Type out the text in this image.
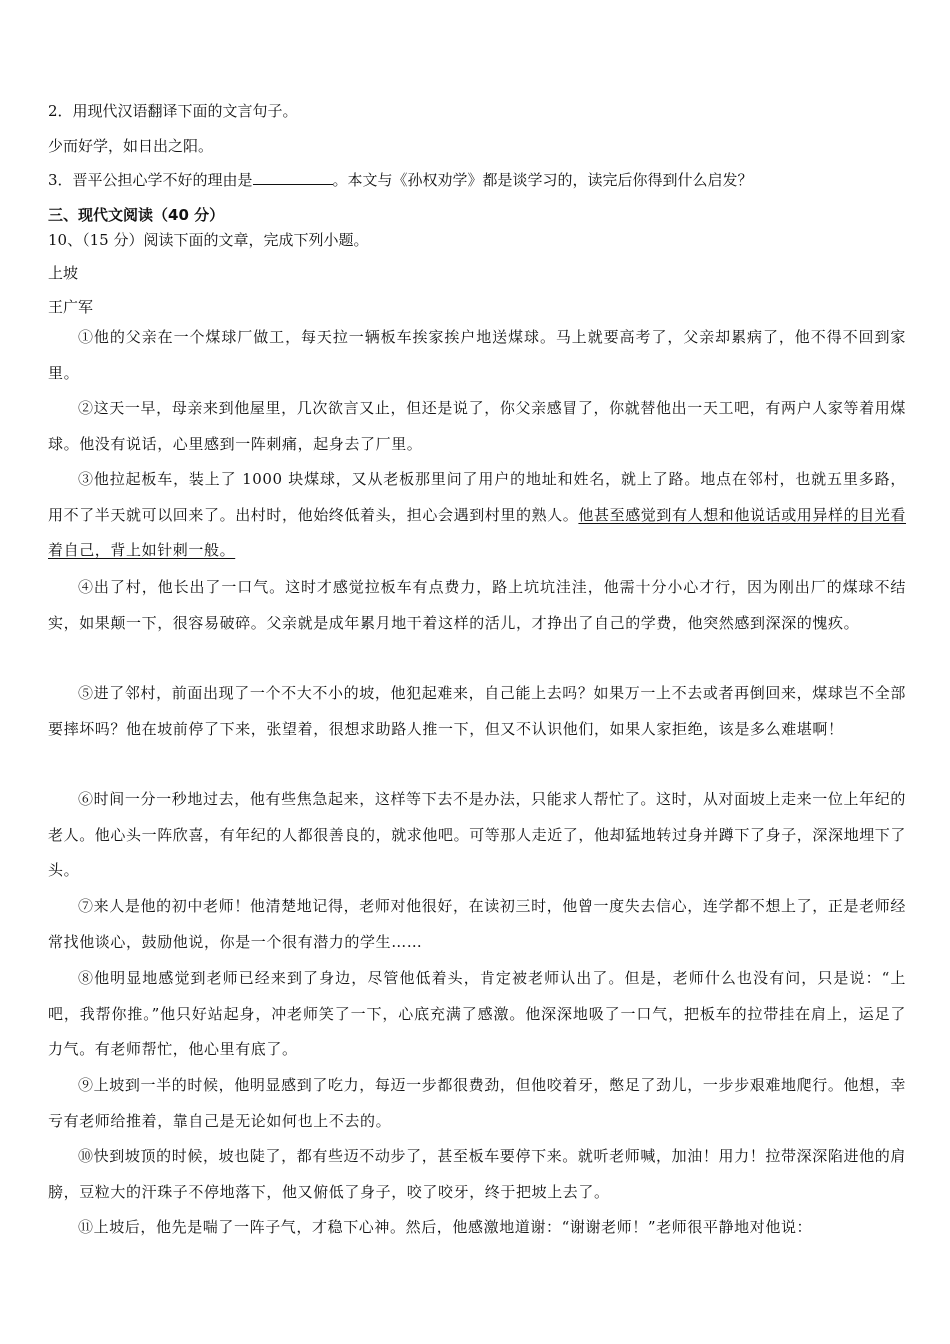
2．用现代汉语翻译下面的文言句子。
少而好学，如日出之阳。
3．晋平公担心学不好的理由是	。本文与《孙权劝学》都是谈学习的，读完后你得到什么启发？
三、现代文阅读（40 分）
10、（15 分）阅读下面的文章，完成下列小题。
上坡
王广军
①他的父亲在一个煤球厂做工，每天拉一辆板车挨家挨户地送煤球。马上就要高考了，父亲却累病了，他不得不回到家里。
②这天一早，母亲来到他屋里，几次欲言又止，但还是说了，你父亲感冒了，你就替他出一天工吧，有两户人家等着用煤球。他没有说话，心里感到一阵刺痛，起身去了厂里。
③他拉起板车，装上了 1000 块煤球，又从老板那里问了用户的地址和姓名，就上了路。地点在邻村，也就五里多路，用不了半天就可以回来了。出村时，他始终低着头，担心会遇到村里的熟人。他甚至感觉到有人想和他说话或用异样的目光看着自己，背上如针刺一般。
④出了村，他长出了一口气。这时才感觉拉板车有点费力，路上坑坑洼洼，他需十分小心才行，因为刚出厂的煤球不结实，如果颠一下，很容易破碎。父亲就是成年累月地干着这样的活儿，才挣出了自己的学费，他突然感到深深的愧疚。
⑤进了邻村，前面出现了一个不大不小的坡，他犯起难来，自己能上去吗？如果万一上不去或者再倒回来，煤球岂不全部要摔坏吗？他在坡前停了下来，张望着，很想求助路人推一下，但又不认识他们，如果人家拒绝，该是多么难堪啊！
⑥时间一分一秒地过去，他有些焦急起来，这样等下去不是办法，只能求人帮忙了。这时，从对面坡上走来一位上年纪的老人。他心头一阵欣喜，有年纪的人都很善良的，就求他吧。可等那人走近了，他却猛地转过身并蹲下了身子，深深地埋下了头。
⑦来人是他的初中老师！他清楚地记得，老师对他很好，在读初三时，他曾一度失去信心，连学都不想上了，正是老师经常找他谈心，鼓励他说，你是一个很有潜力的学生……
⑧他明显地感觉到老师已经来到了身边，尽管他低着头，肯定被老师认出了。但是，老师什么也没有问，只是说：“上吧，我帮你推。”他只好站起身，冲老师笑了一下，心底充满了感激。他深深地吸了一口气，把板车的拉带挂在肩上，运足了力气。有老师帮忙，他心里有底了。
⑨上坡到一半的时候，他明显感到了吃力，每迈一步都很费劲，但他咬着牙，憋足了劲儿，一步步艰难地爬行。他想，幸亏有老师给推着，靠自己是无论如何也上不去的。
⑩快到坡顶的时候，坡也陡了，都有些迈不动步了，甚至板车要停下来。就听老师喊，加油！用力！拉带深深陷进他的肩膀，豆粒大的汗珠子不停地落下，他又俯低了身子，咬了咬牙，终于把坡上去了。
⑪上坡后，他先是喘了一阵子气，才稳下心神。然后，他感激地道谢：“谢谢老师！”老师很平静地对他说：
